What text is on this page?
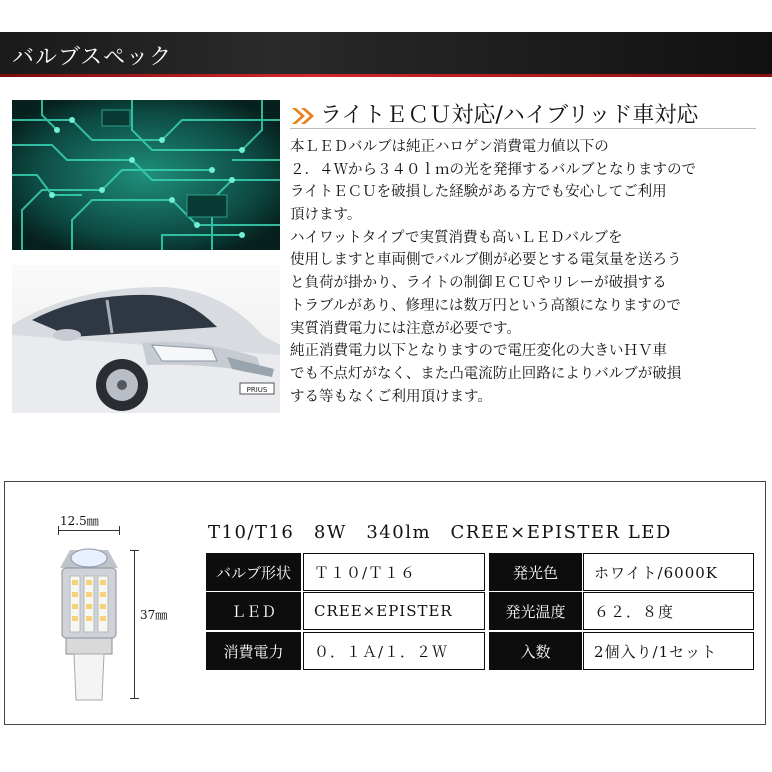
バルブスペック
PRIUS
ライトＥＣＵ対応/ハイブリッド車対応
本ＬＥＤバルブは純正ハロゲン消費電力値以下の
２．４Ｗから３４０ｌｍの光を発揮するバルブとなりますので
ライトＥＣＵを破損した経験がある方でも安心してご利用
頂けます。
ハイワットタイプで実質消費も高いＬＥＤバルブを
使用しますと車両側でバルブ側が必要とする電気量を送ろう
と負荷が掛かり、ライトの制御ＥＣＵやリレーが破損する
トラブルがあり、修理には数万円という高額になりますので
実質消費電力には注意が必要です。
純正消費電力以下となりますので電圧変化の大きいＨＶ車
でも不点灯がなく、また凸電流防止回路によりバルブが破損
する等もなくご利用頂けます。
12.5㎜
37㎜
T10/T16　8W　340lm　CREE×EPISTER LED
バルブ形状	Ｔ１０/Ｔ１６	発光色	ホワイト/6000K
ＬＥＤ	CREE×EPISTER	発光温度	６２．８度
消費電力	０．１Ａ/１．２Ｗ	入数	2個入り/1セット
